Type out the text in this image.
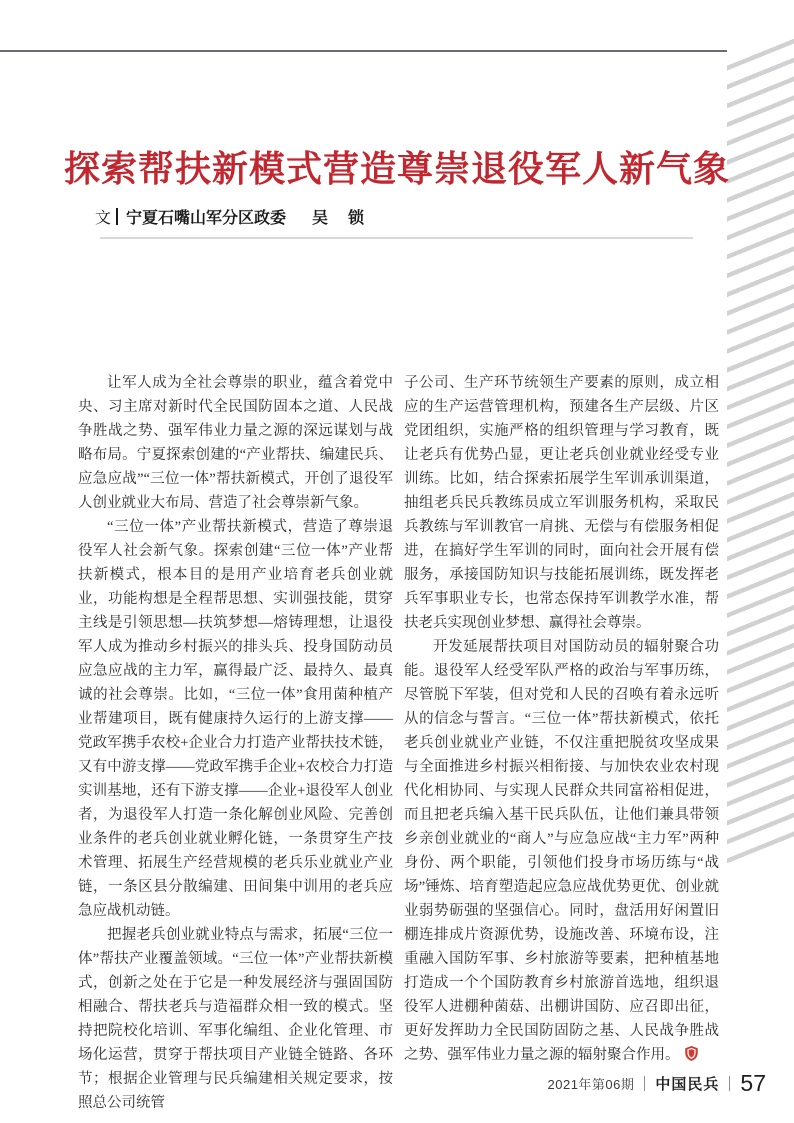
探索帮扶新模式营造尊崇退役军人新气象
文 宁夏石嘴山军分区政委 吴　锁

让军人成为全社会尊崇的职业，蕴含着党中央、习主席对新时代全民国防固本之道、人民战争胜战之势、强军伟业力量之源的深远谋划与战略布局。宁夏探索创建的“产业帮扶、编建民兵、应急应战”“三位一体”帮扶新模式，开创了退役军人创业就业大布局、营造了社会尊崇新气象。

“三位一体”产业帮扶新模式，营造了尊崇退役军人社会新气象。探索创建“三位一体”产业帮扶新模式，根本目的是用产业培育老兵创业就业，功能构想是全程帮思想、实训强技能，贯穿主线是引领思想—扶筑梦想—熔铸理想，让退役军人成为推动乡村振兴的排头兵、投身国防动员应急应战的主力军，赢得最广泛、最持久、最真诚的社会尊崇。比如，“三位一体”食用菌种植产业帮建项目，既有健康持久运行的上游支撑——党政军携手农校+企业合力打造产业帮扶技术链，又有中游支撑——党政军携手企业+农校合力打造实训基地，还有下游支撑——企业+退役军人创业者，为退役军人打造一条化解创业风险、完善创业条件的老兵创业就业孵化链，一条贯穿生产技术管理、拓展生产经营规模的老兵乐业就业产业链，一条区县分散编建、田间集中训用的老兵应急应战机动链。

把握老兵创业就业特点与需求，拓展“三位一体”帮扶产业覆盖领域。“三位一体”产业帮扶新模式，创新之处在于它是一种发展经济与强固国防相融合、帮扶老兵与造福群众相一致的模式。坚持把院校化培训、军事化编组、企业化管理、市场化运营，贯穿于帮扶项目产业链全链路、各环节；根据企业管理与民兵编建相关规定要求，按照总公司统管

子公司、生产环节统领生产要素的原则，成立相应的生产运营管理机构，预建各生产层级、片区党团组织，实施严格的组织管理与学习教育，既让老兵有优势凸显，更让老兵创业就业经受专业训练。比如，结合探索拓展学生军训承训渠道，抽组老兵民兵教练员成立军训服务机构，采取民兵教练与军训教官一肩挑、无偿与有偿服务相促进，在搞好学生军训的同时，面向社会开展有偿服务，承接国防知识与技能拓展训练，既发挥老兵军事职业专长，也常态保持军训教学水准，帮扶老兵实现创业梦想、赢得社会尊崇。

开发延展帮扶项目对国防动员的辐射聚合功能。退役军人经受军队严格的政治与军事历练，尽管脱下军装，但对党和人民的召唤有着永远听从的信念与誓言。“三位一体”帮扶新模式，依托老兵创业就业产业链，不仅注重把脱贫攻坚成果与全面推进乡村振兴相衔接、与加快农业农村现代化相协同、与实现人民群众共同富裕相促进，而且把老兵编入基干民兵队伍，让他们兼具带领乡亲创业就业的“商人”与应急应战“主力军”两种身份、两个职能，引领他们投身市场历练与“战场”锤炼、培育塑造起应急应战优势更优、创业就业弱势砺强的坚强信心。同时，盘活用好闲置旧棚连排成片资源优势，设施改善、环境布设，注重融入国防军事、乡村旅游等要素，把种植基地打造成一个个国防教育乡村旅游首选地，组织退役军人进棚种菌菇、出棚讲国防、应召即出征，更好发挥助力全民国防固防之基、人民战争胜战之势、强军伟业力量之源的辐射聚合作用。

2021年第06期 中国民兵 57
